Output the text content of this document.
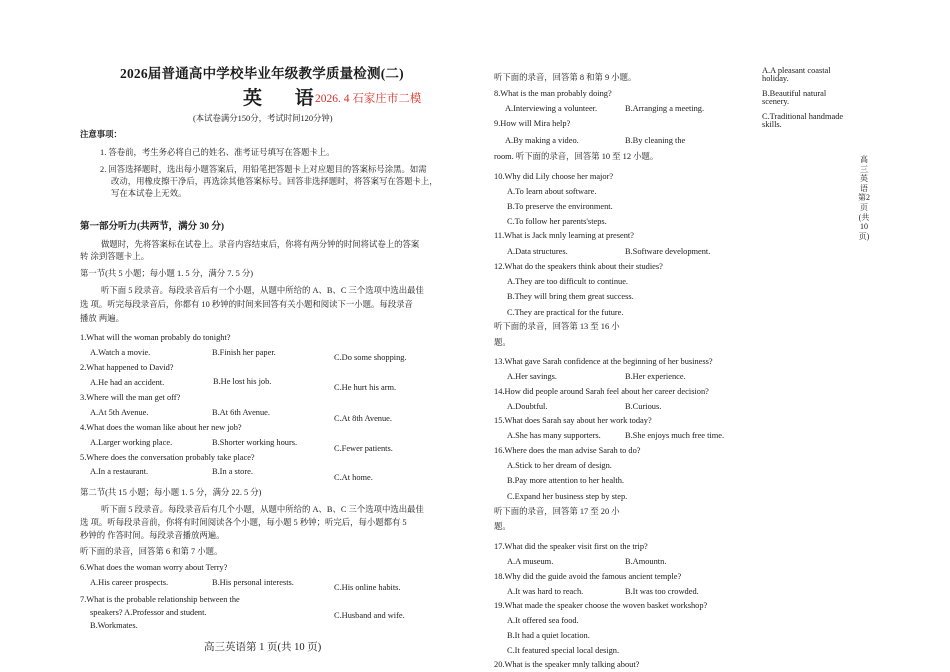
2026届普通高中学校毕业年级教学质量检测(二)
英 语
2026. 4 石家庄市二模
(本试卷满分150分，考试时间120分钟)
注意事项：
1. 答卷前，考生务必将自己的姓名、准考证号填写在答题卡上。
2. 回答选择题时，选出每小题答案后，用铅笔把答题卡上对应题目的答案标号涂黑。如需
改动，用橡皮擦干净后，再选涂其他答案标号。回答非选择题时，将答案写在答题卡上，
写在本试卷上无效。
第一部分听力(共两节，满分 30 分)
做题时，先将答案标在试卷上。录音内容结束后，你将有两分钟的时间将试卷上的答案
转 涂到答题卡上。
第一节(共 5 小题；每小题 1. 5 分，满分 7. 5 分)
听下面 5 段录音。每段录音后有一个小题，从题中所给的 A、B、C 三个选项中选出最佳
选 项。听完每段录音后，你都有 10 秒钟的时间来回答有关小题和阅读下一小题。每段录音
播放 两遍。
1.What will the woman probably do tonight?
A.Watch a movie.	B.Finish her paper.
C.Do some shopping.
2.What happened to David?
A.He had an accident.	B.He lost his job.
C.He hurt his arm.
3.Where will the man get off?
A.At 5th Avenue.	B.At 6th Avenue.
C.At 8th Avenue.
4.What does the woman like about her new job?
A.Larger working place.	B.Shorter working hours.
C.Fewer patients.
5.Where does the conversation probably take place?
A.In a restaurant.	B.In a store.
C.At home.
第二节(共 15 小题；每小题 1. 5 分，满分 22. 5 分)
听下面 5 段录音。每段录音后有几个小题，从题中所给的 A、B、C 三个选项中选出最佳
选 项。听每段录音前，你将有时间阅读各个小题，每小题 5 秒钟；听完后，每小题都有 5
秒钟的 作答时间。每段录音播放两遍。
听下面的录音，回答第 6 和第 7 小题。
6.What does the woman worry about Terry?
A.His career prospects.	B.His personal interests.
C.His online habits.
7.What is the probable relationship between the
speakers? A.Professor and student.
B.Workmates.
C.Husband and wife.
高三英语第 1 页(共 10 页)
听下面的录音，回答第 8 和第 9 小题。
8.What is the man probably doing?
A.Interviewing a volunteer.	B.Arranging a meeting.
9.How will Mira help?
A.By making a video.	B.By cleaning the
room. 听下面的录音，回答第 10 至 12 小题。
10.Why did Lily choose her major?
A.To learn about software.
B.To preserve the environment.
C.To follow her parents'steps.
11.What is Jack mnly learning at present?
A.Data structures.	B.Software development.
12.What do the speakers think about their studies?
A.They are too difficult to continue.
B.They will bring them great success.
C.They are practical for the future.
听下面的录音，回答第 13 至 16 小
题。
13.What gave Sarah confidence at the beginning of her business?
A.Her savings.	B.Her experience.
14.How did people around Sarah feel about her career decision?
A.Doubtful.	B.Curious.
15.What does Sarah say about her work today?
A.She has many supporters.	B.She enjoys much free time.
16.Where does the man advise Sarah to do?
A.Stick to her dream of design.
B.Pay more attention to her health.
C.Expand her business step by step.
听下面的录音，回答第 17 至 20 小
题。
17.What did the speaker visit first on the trip?
A.A museum.	B.Amountn.
18.Why did the guide avoid the famous ancient temple?
A.It was hard to reach.	B.It was too crowded.
19.What made the speaker choose the woven basket workshop?
A.It offered sea food.
B.It had a quiet location.
C.It featured special local design.
20.What is the speaker mnly talking about?
A.A pleasant coastal holiday.
B.Beautiful natural scenery.
C.Traditional handmade skills.
高三英语第2页(共10页)
